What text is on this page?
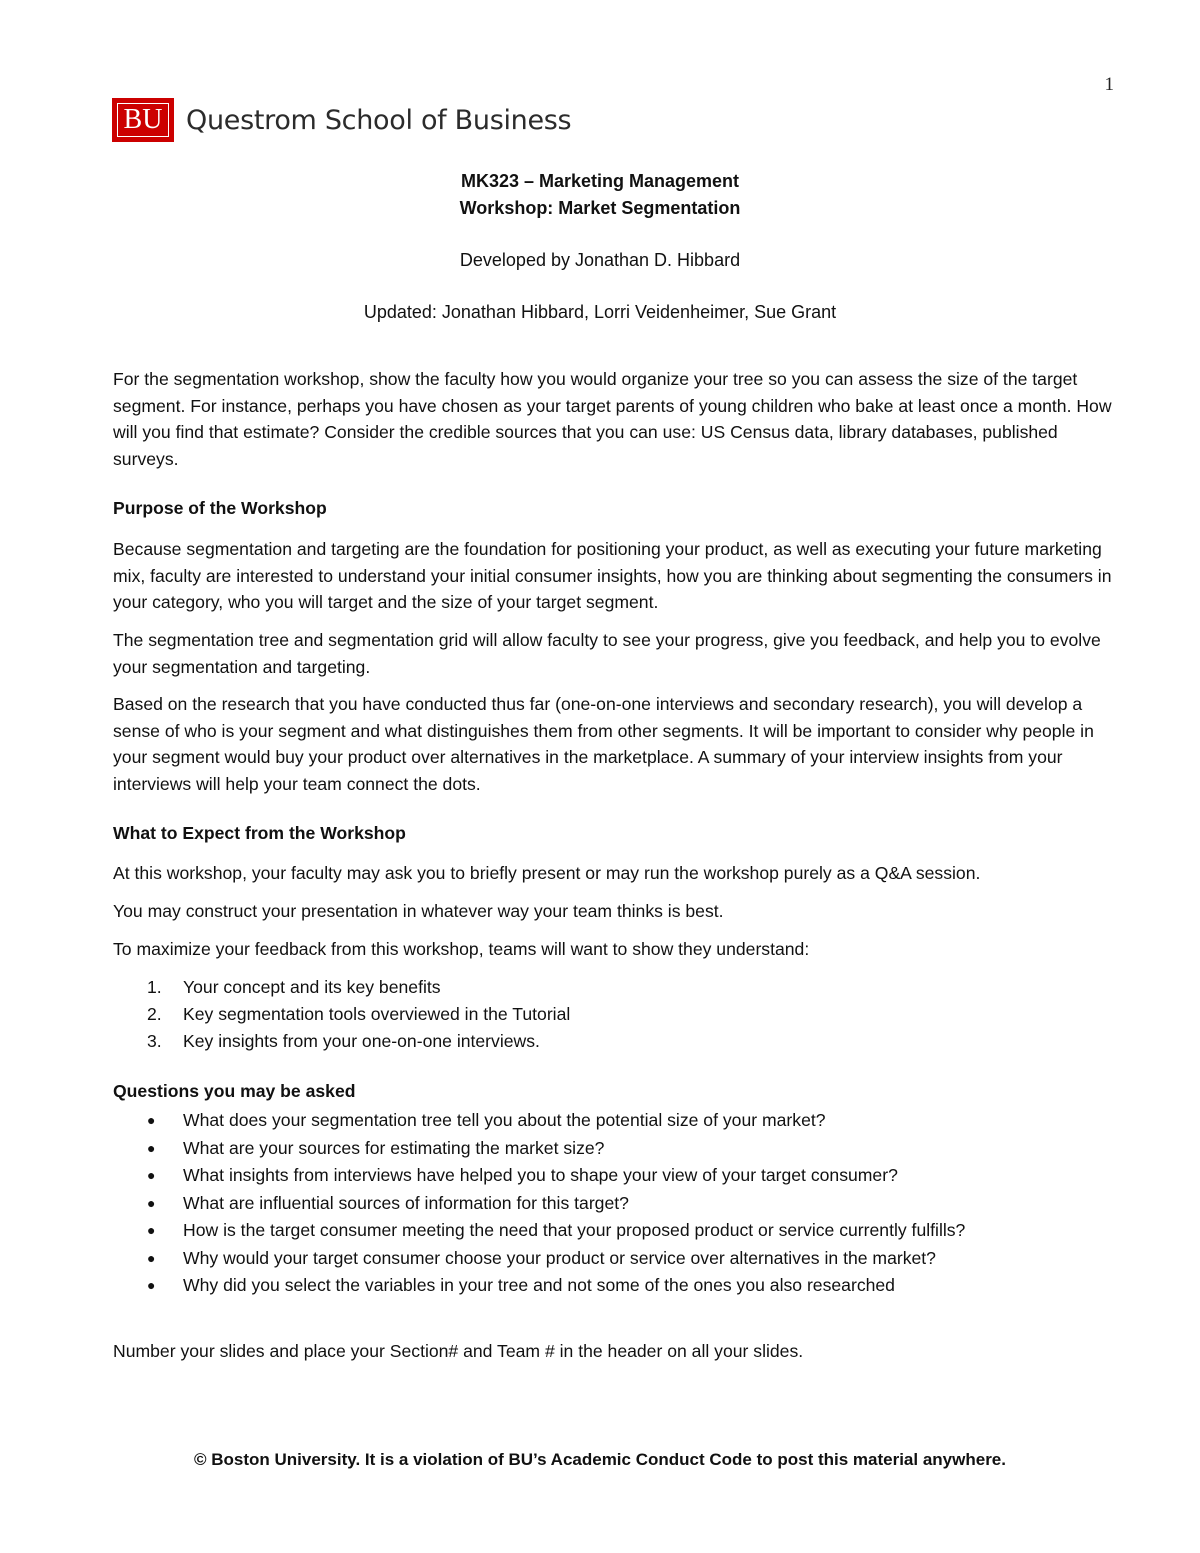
1
BU Questrom School of Business
MK323 – Marketing Management
Workshop: Market Segmentation
Developed by Jonathan D. Hibbard
Updated: Jonathan Hibbard, Lorri Veidenheimer, Sue Grant

For the segmentation workshop, show the faculty how you would organize your tree so you can assess the size of the target segment. For instance, perhaps you have chosen as your target parents of young children who bake at least once a month. How will you find that estimate? Consider the credible sources that you can use: US Census data, library databases, published surveys.

Purpose of the Workshop

Because segmentation and targeting are the foundation for positioning your product, as well as executing your future marketing mix, faculty are interested to understand your initial consumer insights, how you are thinking about segmenting the consumers in your category, who you will target and the size of your target segment.

The segmentation tree and segmentation grid will allow faculty to see your progress, give you feedback, and help you to evolve your segmentation and targeting.

Based on the research that you have conducted thus far (one-on-one interviews and secondary research), you will develop a sense of who is your segment and what distinguishes them from other segments. It will be important to consider why people in your segment would buy your product over alternatives in the marketplace. A summary of your interview insights from your interviews will help your team connect the dots.

What to Expect from the Workshop

At this workshop, your faculty may ask you to briefly present or may run the workshop purely as a Q&A session.

You may construct your presentation in whatever way your team thinks is best.

To maximize your feedback from this workshop, teams will want to show they understand:

1. Your concept and its key benefits
2. Key segmentation tools overviewed in the Tutorial
3. Key insights from your one-on-one interviews.
Questions you may be asked
● What does your segmentation tree tell you about the potential size of your market?
● What are your sources for estimating the market size?
● What insights from interviews have helped you to shape your view of your target consumer?
● What are influential sources of information for this target?
● How is the target consumer meeting the need that your proposed product or service currently fulfills?
● Why would your target consumer choose your product or service over alternatives in the market?
● Why did you select the variables in your tree and not some of the ones you also researched

Number your slides and place your Section# and Team # in the header on all your slides.

© Boston University. It is a violation of BU’s Academic Conduct Code to post this material anywhere.
